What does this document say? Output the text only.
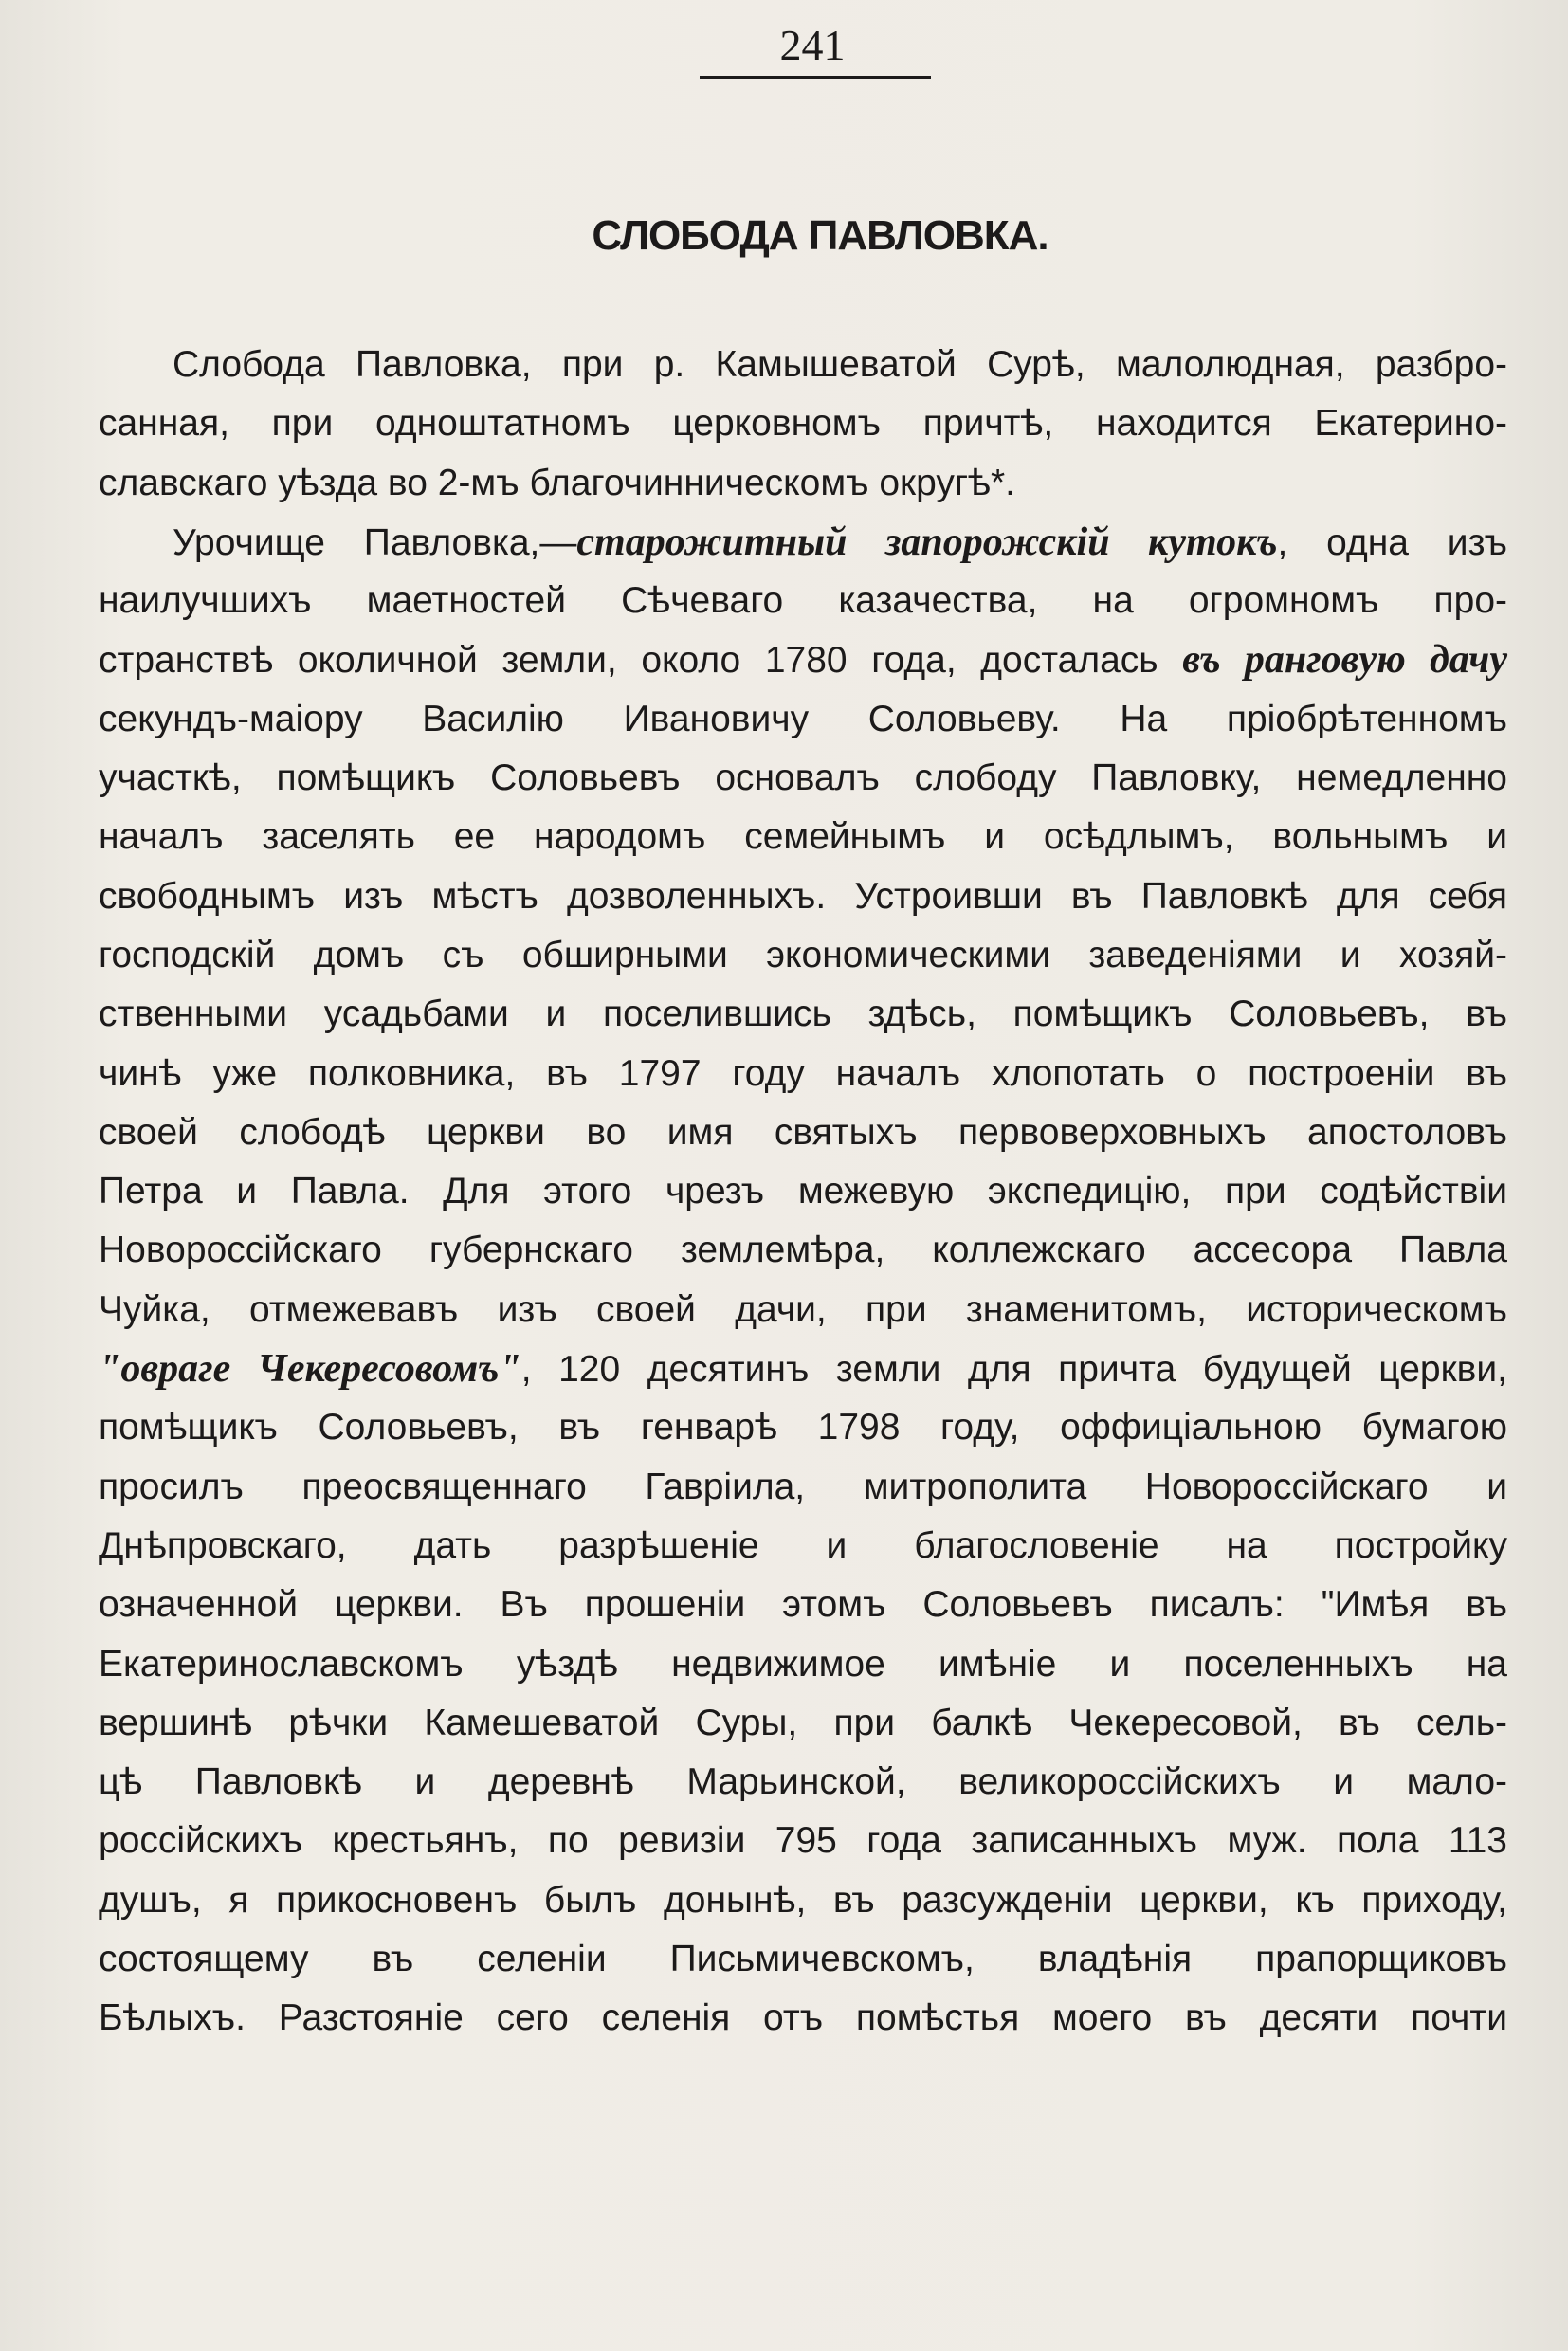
241
СЛОБОДА ПАВЛОВКА.
Слобода Павловка, при р. Камышеватой Сурѣ, малолюдная, разбро-
санная, при одноштатномъ церковномъ причтѣ, находится Екатерино-
славскаго уѣзда во 2-мъ благочинническомъ округѣ*.
Урочище Павловка,—старожитный запорожскій кутокъ, одна изъ
наилучшихъ маетностей Сѣчеваго казачества, на огромномъ про-
странствѣ околичной земли, около 1780 года, досталась въ ранговую дачу
секундъ-маіору Василію Ивановичу Соловьеву. На пріобрѣтенномъ
участкѣ, помѣщикъ Соловьевъ основалъ слободу Павловку, немедленно
началъ заселять ее народомъ семейнымъ и осѣдлымъ, вольнымъ и
свободнымъ изъ мѣстъ дозволенныхъ. Устроивши въ Павловкѣ для себя
господскій домъ съ обширными экономическими заведеніями и хозяй-
ственными усадьбами и поселившись здѣсь, помѣщикъ Соловьевъ, въ
чинѣ уже полковника, въ 1797 году началъ хлопотать о построеніи въ
своей слободѣ церкви во имя святыхъ первоверховныхъ апостоловъ
Петра и Павла. Для этого чрезъ межевую экспедицію, при содѣйствіи
Новороссійскаго губернскаго землемѣра, коллежскаго ассесора Павла
Чуйка, отмежевавъ изъ своей дачи, при знаменитомъ, историческомъ
"овраге Чекересовомъ", 120 десятинъ земли для причта будущей церкви,
помѣщикъ Соловьевъ, въ генварѣ 1798 году, оффиціальною бумагою
просилъ преосвященнаго Гавріила, митрополита Новороссійскаго и
Днѣпровскаго, дать разрѣшеніе и благословеніе на постройку
означенной церкви. Въ прошеніи этомъ Соловьевъ писалъ: "Имѣя въ
Екатеринославскомъ уѣздѣ недвижимое имѣніе и поселенныхъ на
вершинѣ рѣчки Камешеватой Суры, при балкѣ Чекересовой, въ сель-
цѣ Павловкѣ и деревнѣ Марьинской, великороссійскихъ и мало-
россійскихъ крестьянъ, по ревизіи 795 года записанныхъ муж. пола 113
душъ, я прикосновенъ былъ донынѣ, въ разсужденіи церкви, къ приходу,
состоящему въ селеніи Письмичевскомъ, владѣнія прапорщиковъ
Бѣлыхъ. Разстояніе сего селенія отъ помѣстья моего въ десяти почти
